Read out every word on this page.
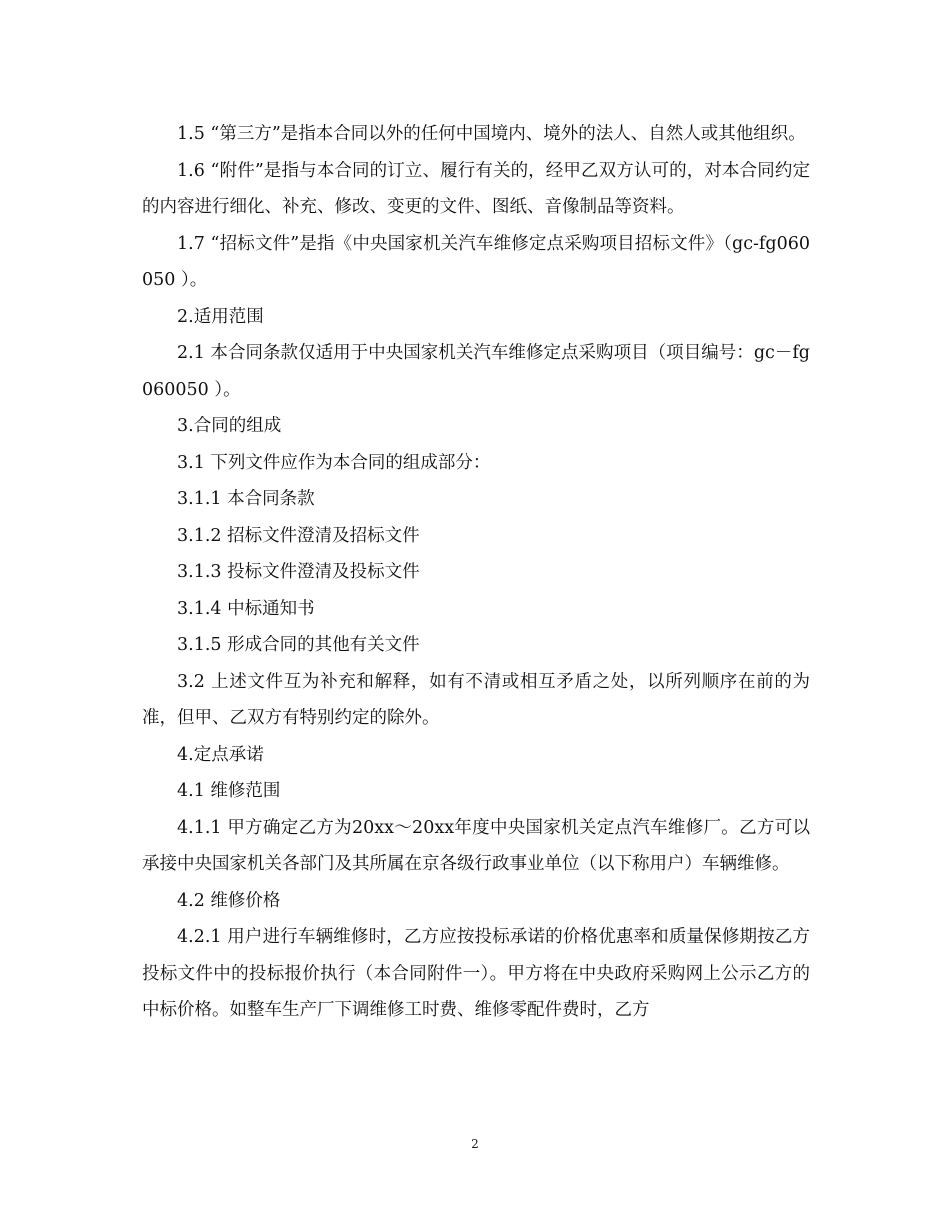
1.5 “第三方”是指本合同以外的任何中国境内、境外的法人、自然人或其他组织。

1.6 “附件”是指与本合同的订立、履行有关的，经甲乙双方认可的，对本合同约定的内容进行细化、补充、修改、变更的文件、图纸、音像制品等资料。

1.7 “招标文件”是指《中央国家机关汽车维修定点采购项目招标文件》（gc-fg060050 ）。

2.适用范围

2.1 本合同条款仅适用于中央国家机关汽车维修定点采购项目（项目编号：gc－fg060050 ）。

3.合同的组成

3.1 下列文件应作为本合同的组成部分：

3.1.1 本合同条款

3.1.2 招标文件澄清及招标文件

3.1.3 投标文件澄清及投标文件

3.1.4 中标通知书

3.1.5 形成合同的其他有关文件

3.2 上述文件互为补充和解释，如有不清或相互矛盾之处，以所列顺序在前的为准，但甲、乙双方有特别约定的除外。

4.定点承诺

4.1 维修范围

4.1.1 甲方确定乙方为20xx～20xx年度中央国家机关定点汽车维修厂。乙方可以承接中央国家机关各部门及其所属在京各级行政事业单位（以下称用户）车辆维修。

4.2 维修价格

4.2.1 用户进行车辆维修时，乙方应按投标承诺的价格优惠率和质量保修期按乙方投标文件中的投标报价执行（本合同附件一）。甲方将在中央政府采购网上公示乙方的中标价格。如整车生产厂下调维修工时费、维修零配件费时，乙方

2
